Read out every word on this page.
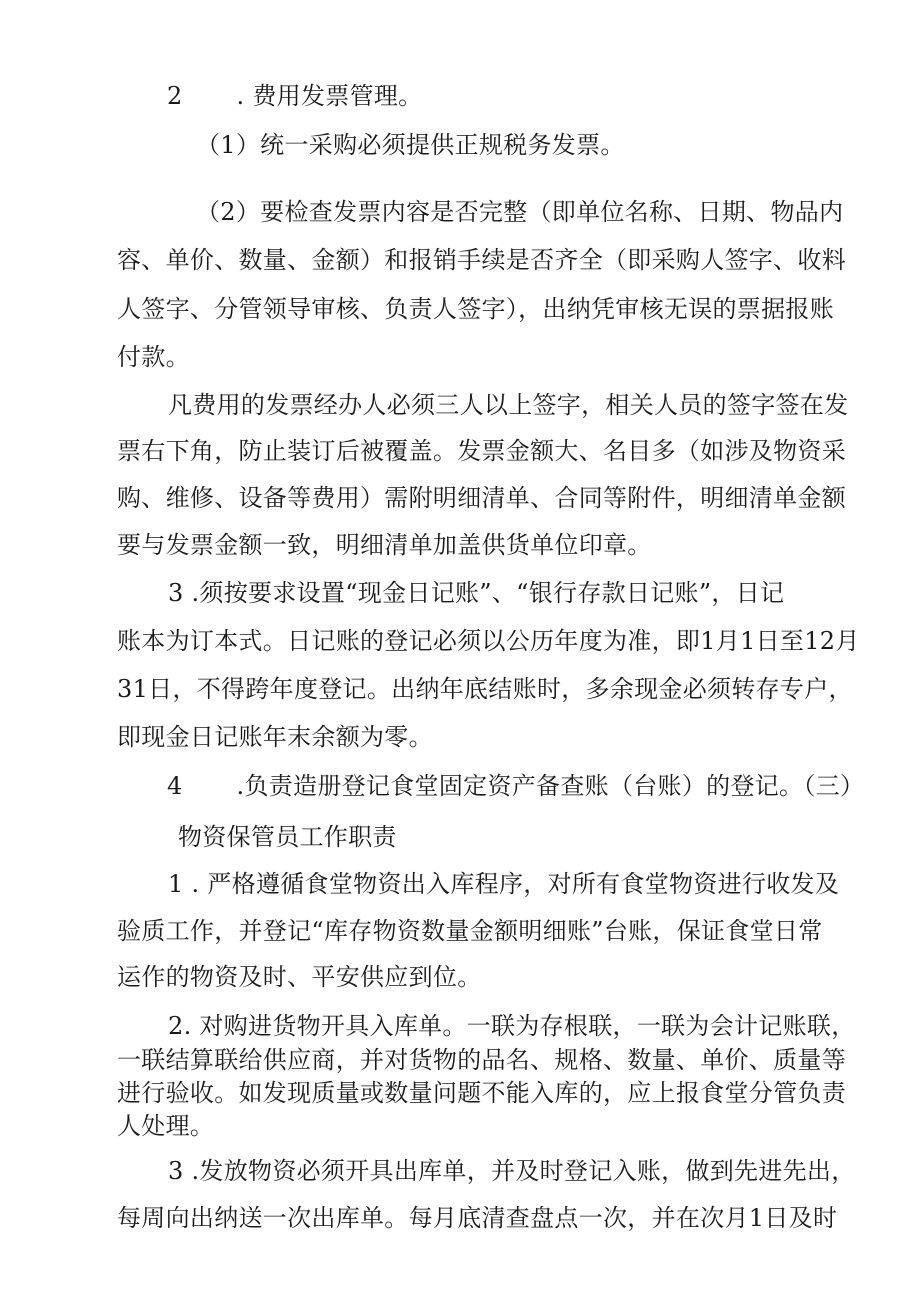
2 . 费用发票管理。
（1）统一采购必须提供正规税务发票。
（2）要检查发票内容是否完整（即单位名称、日期、物品内
容、单价、数量、金额）和报销手续是否齐全（即采购人签字、收料
人签字、分管领导审核、负责人签字），出纳凭审核无误的票据报账
付款。
凡费用的发票经办人必须三人以上签字，相关人员的签字签在发
票右下角，防止装订后被覆盖。发票金额大、名目多（如涉及物资采
购、维修、设备等费用）需附明细清单、合同等附件，明细清单金额
要与发票金额一致，明细清单加盖供货单位印章。
3 .须按要求设置“现金日记账”、“银行存款日记账”，日记
账本为订本式。日记账的登记必须以公历年度为准，即1月1日至12月
31日，不得跨年度登记。出纳年底结账时，多余现金必须转存专户，
即现金日记账年末余额为零。
4 .负责造册登记食堂固定资产备查账（台账）的登记。（三）
物资保管员工作职责
1 . 严格遵循食堂物资出入库程序，对所有食堂物资进行收发及
验质工作，并登记“库存物资数量金额明细账”台账，保证食堂日常
运作的物资及时、平安供应到位。
2. 对购进货物开具入库单。一联为存根联，一联为会计记账联，
一联结算联给供应商，并对货物的品名、规格、数量、单价、质量等
进行验收。如发现质量或数量问题不能入库的，应上报食堂分管负责
人处理。
3 .发放物资必须开具出库单，并及时登记入账，做到先进先出，
每周向出纳送一次出库单。每月底清查盘点一次，并在次月1日及时
